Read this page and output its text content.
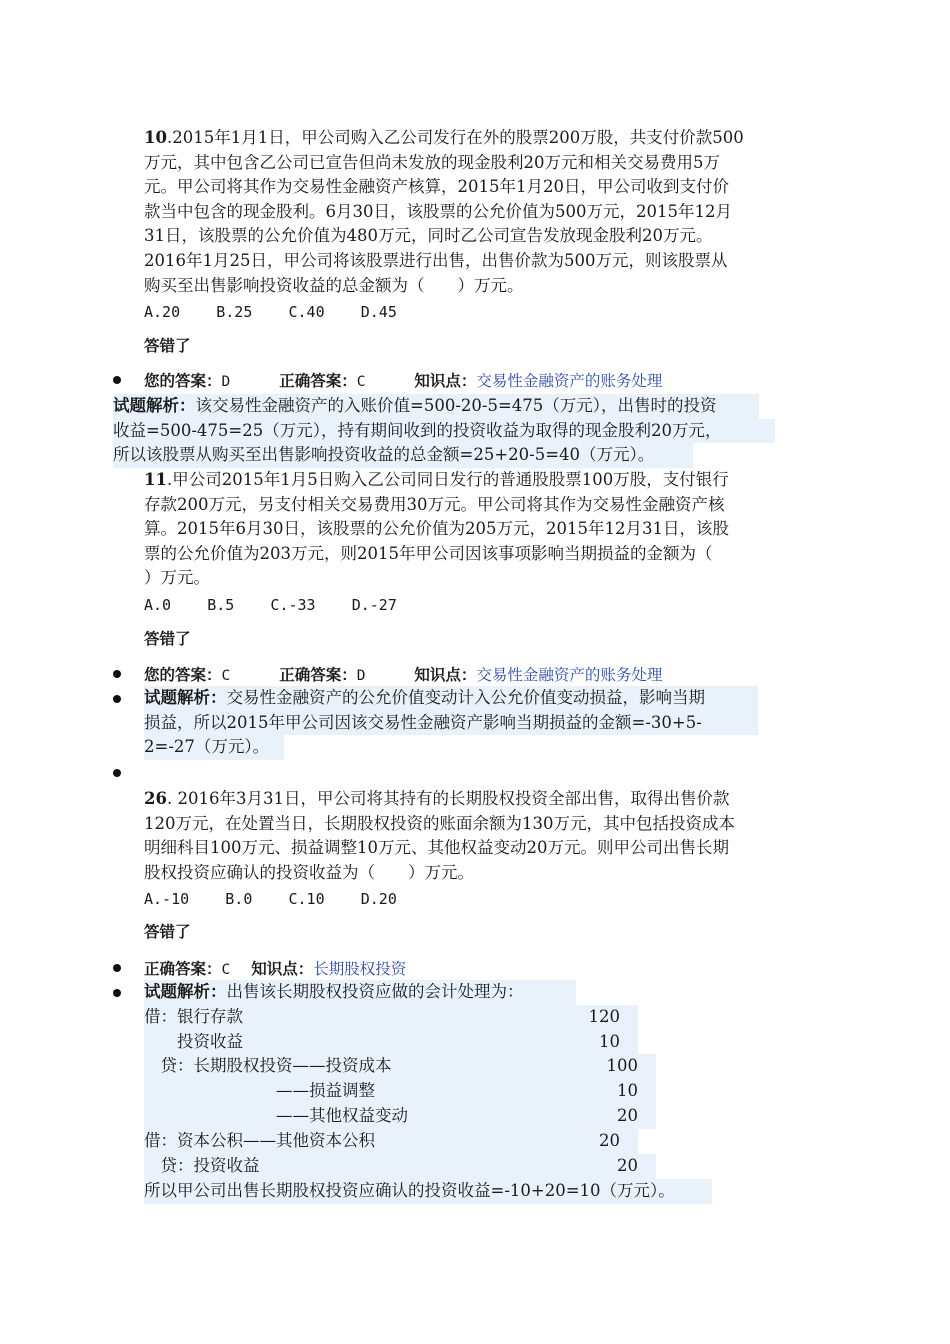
10.2015年1月1日，甲公司购入乙公司发行在外的股票200万股，共支付价款500
万元，其中包含乙公司已宣告但尚未发放的现金股利20万元和相关交易费用5万
元。甲公司将其作为交易性金融资产核算，2015年1月20日，甲公司收到支付价
款当中包含的现金股利。6月30日，该股票的公允价值为500万元，2015年12月
31日，该股票的公允价值为480万元，同时乙公司宣告发放现金股利20万元。
2016年1月25日，甲公司将该股票进行出售，出售价款为500万元，则该股票从
购买至出售影响投资收益的总金额为（　　）万元。
A.20    B.25    C.40    D.45
答错了
您的答案：D	正确答案：C	知识点：交易性金融资产的账务处理
试题解析：该交易性金融资产的入账价值=500-20-5=475（万元），出售时的投资
收益=500-475=25（万元），持有期间收到的投资收益为取得的现金股利20万元，
所以该股票从购买至出售影响投资收益的总金额=25+20-5=40（万元）。
11.甲公司2015年1月5日购入乙公司同日发行的普通股股票100万股，支付银行
存款200万元，另支付相关交易费用30万元。甲公司将其作为交易性金融资产核
算。2015年6月30日，该股票的公允价值为205万元，2015年12月31日，该股
票的公允价值为203万元，则2015年甲公司因该事项影响当期损益的金额为（
）万元。
A.0    B.5    C.-33    D.-27
答错了
您的答案：C	正确答案：D	知识点：交易性金融资产的账务处理
试题解析：交易性金融资产的公允价值变动计入公允价值变动损益，影响当期
损益，所以2015年甲公司因该交易性金融资产影响当期损益的金额=-30+5-
2=-27（万元）。
26. 2016年3月31日，甲公司将其持有的长期股权投资全部出售，取得出售价款
120万元，在处置当日，长期股权投资的账面余额为130万元，其中包括投资成本
明细科目100万元、损益调整10万元、其他权益变动20万元。则甲公司出售长期
股权投资应确认的投资收益为（　　）万元。
A.-10    B.0    C.10    D.20
答错了
正确答案：C 知识点：长期股权投资
试题解析：出售该长期股权投资应做的会计处理为：
借：银行存款	120
　　投资收益	10
　贷：长期股权投资——投资成本	100
　　　　　　　　——损益调整	10
　　　　　　　　——其他权益变动	20
借：资本公积——其他资本公积	20
　贷：投资收益	20
所以甲公司出售长期股权投资应确认的投资收益=-10+20=10（万元）。
